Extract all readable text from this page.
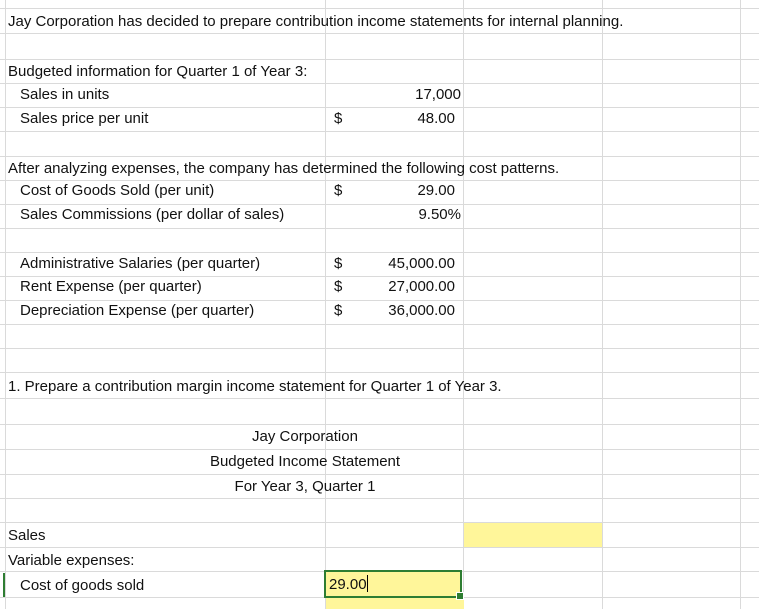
Jay Corporation has decided to prepare contribution income statements for internal planning.
Budgeted information for Quarter 1 of Year 3:
Sales in units	17,000
Sales price per unit	$	48.00
After analyzing expenses, the company has determined the following cost patterns.
Cost of Goods Sold (per unit)	$	29.00
Sales Commissions (per dollar of sales)	9.50%
Administrative Salaries (per quarter)	$	45,000.00
Rent Expense (per quarter)	$	27,000.00
Depreciation Expense (per quarter)	$	36,000.00
1. Prepare a contribution margin income statement for Quarter 1 of Year 3.
Jay Corporation
Budgeted Income Statement
For Year 3, Quarter 1
Sales
Variable expenses:
Cost of goods sold	29.00
